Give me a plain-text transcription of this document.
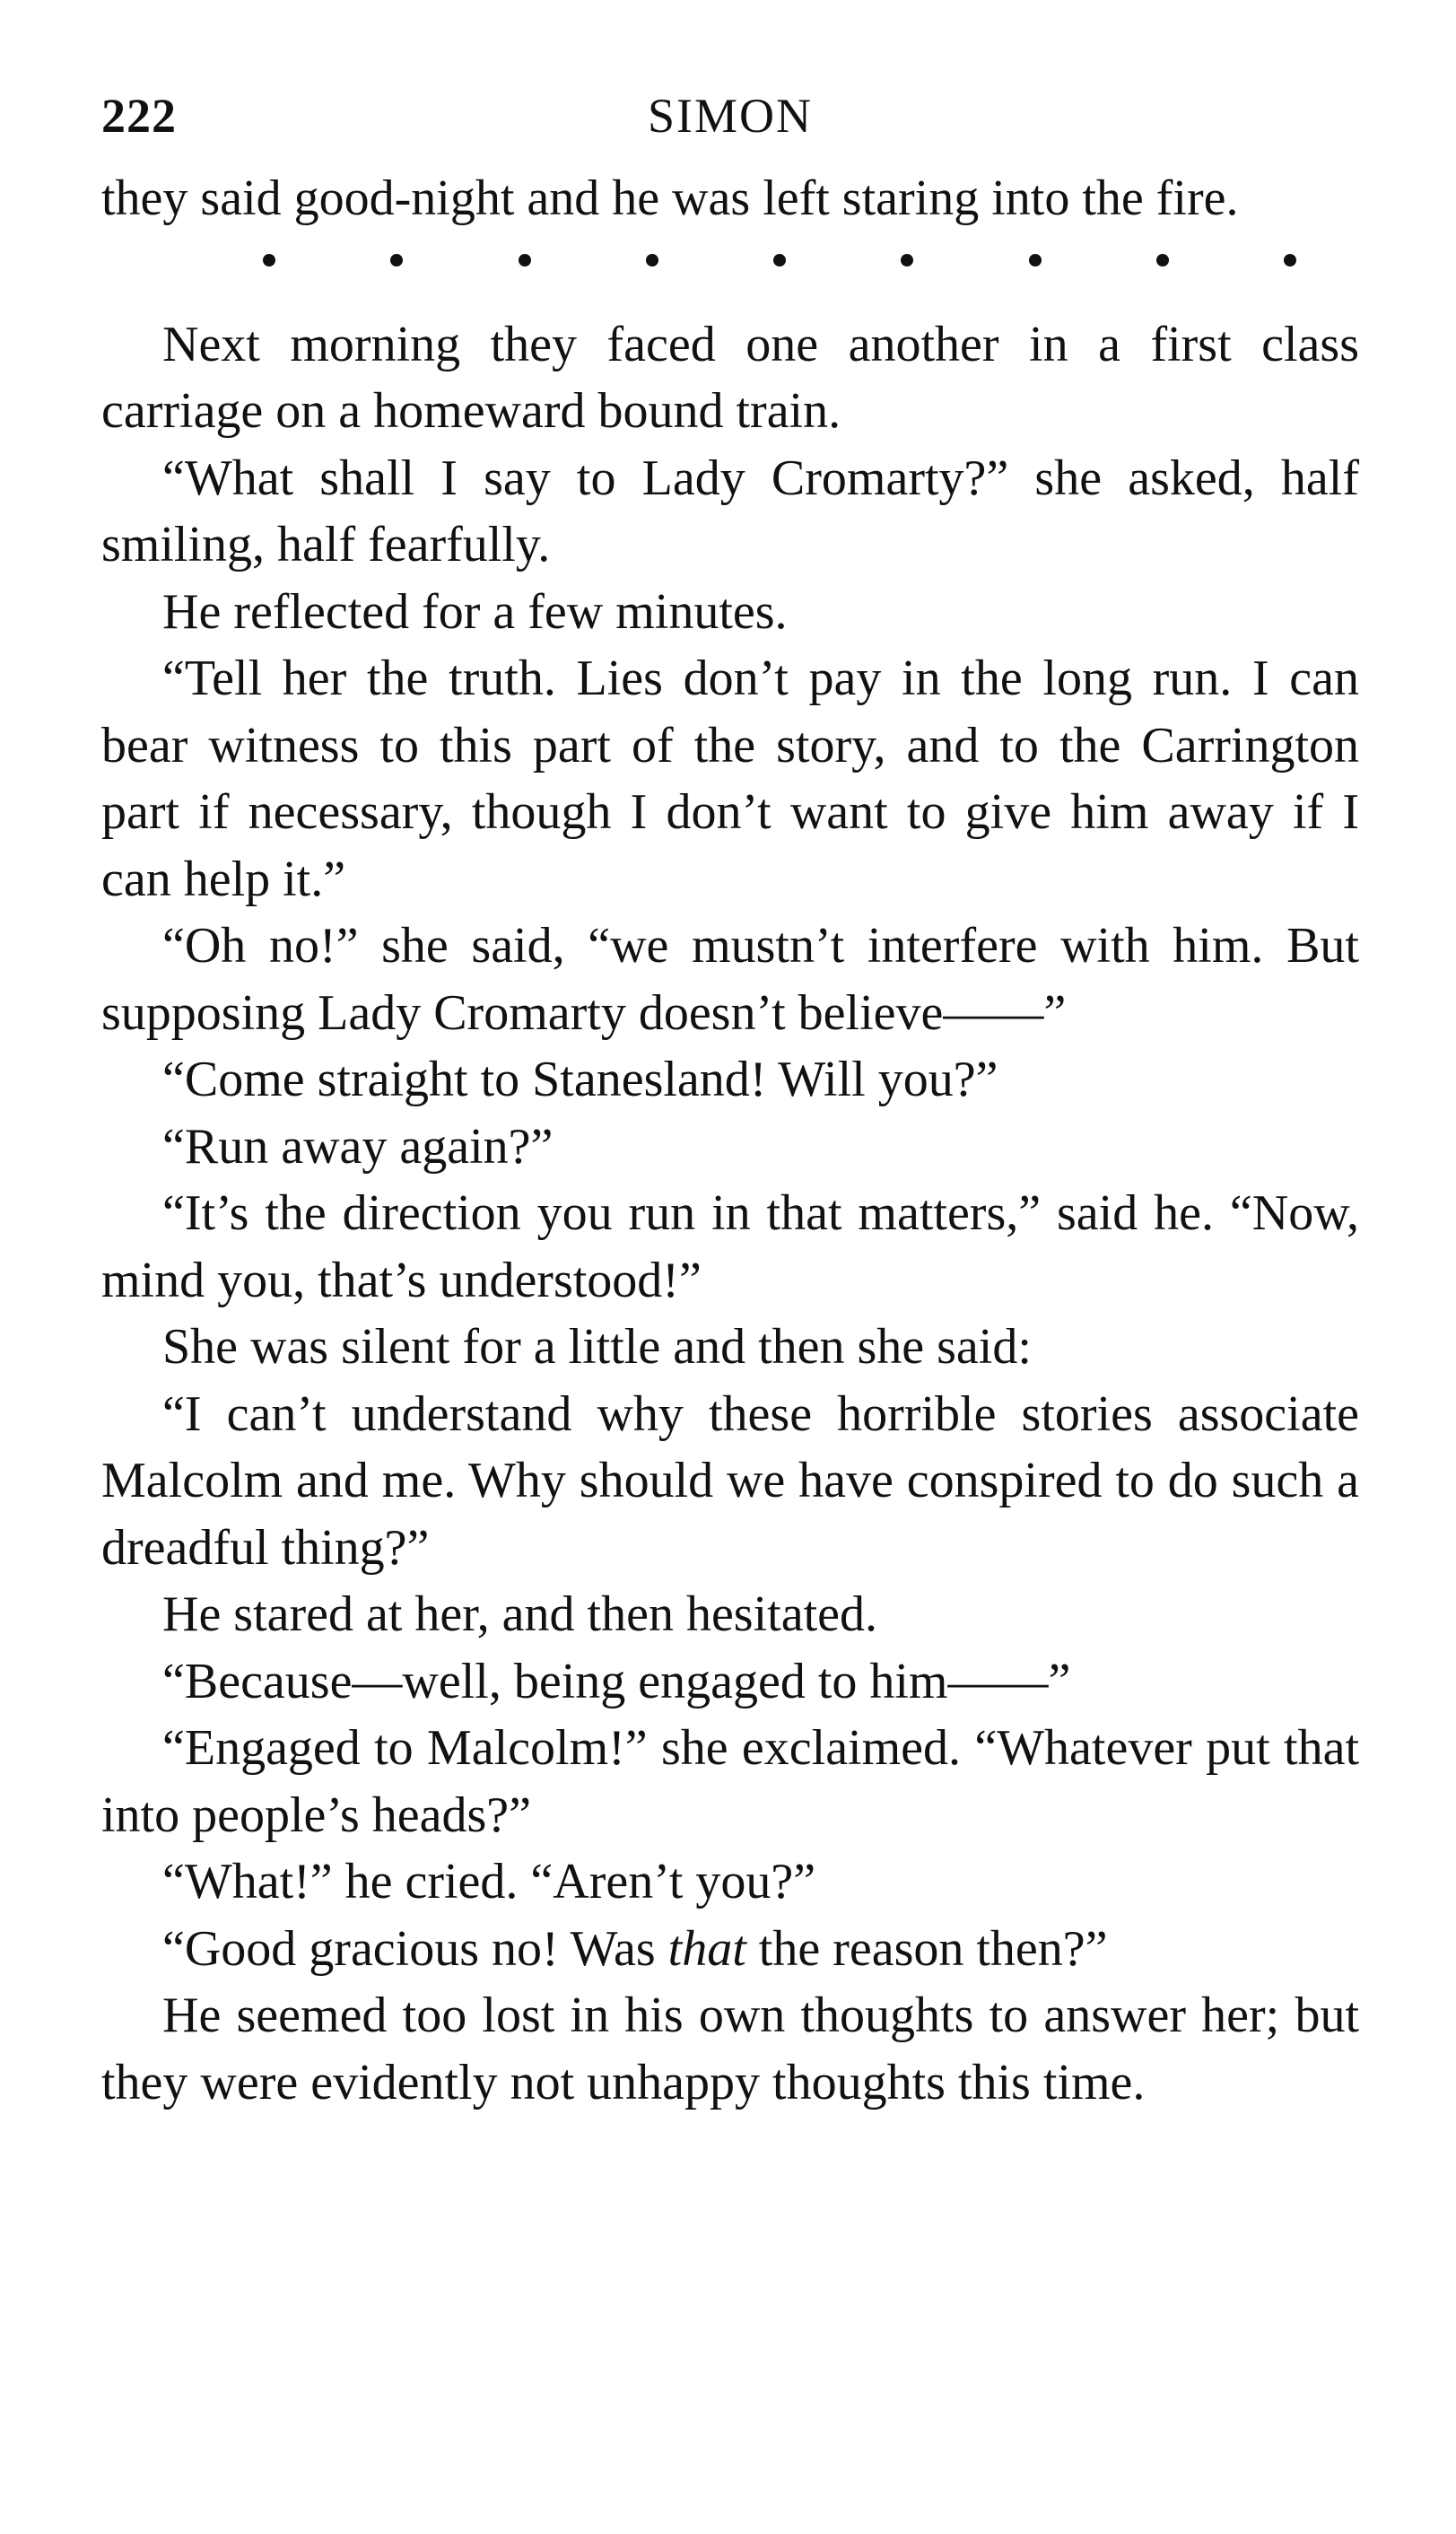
222	SIMON

they said good-night and he was left staring into the fire.

Next morning they faced one another in a first class carriage on a homeward bound train.

“What shall I say to Lady Cromarty?” she asked, half smiling, half fearfully.

He reflected for a few minutes.

“Tell her the truth. Lies don’t pay in the long run. I can bear witness to this part of the story, and to the Carrington part if necessary, though I don’t want to give him away if I can help it.”

“Oh no!” she said, “we mustn’t interfere with him. But supposing Lady Cromarty doesn’t believe——”

“Come straight to Stanesland! Will you?”

“Run away again?”

“It’s the direction you run in that matters,” said he. “Now, mind you, that’s understood!”

She was silent for a little and then she said:

“I can’t understand why these horrible stories associate Malcolm and me. Why should we have conspired to do such a dreadful thing?”

He stared at her, and then hesitated.

“Because—well, being engaged to him——”

“Engaged to Malcolm!” she exclaimed. “Whatever put that into people’s heads?”

“What!” he cried. “Aren’t you?”

“Good gracious no! Was that the reason then?”

He seemed too lost in his own thoughts to answer her; but they were evidently not unhappy thoughts this time.
